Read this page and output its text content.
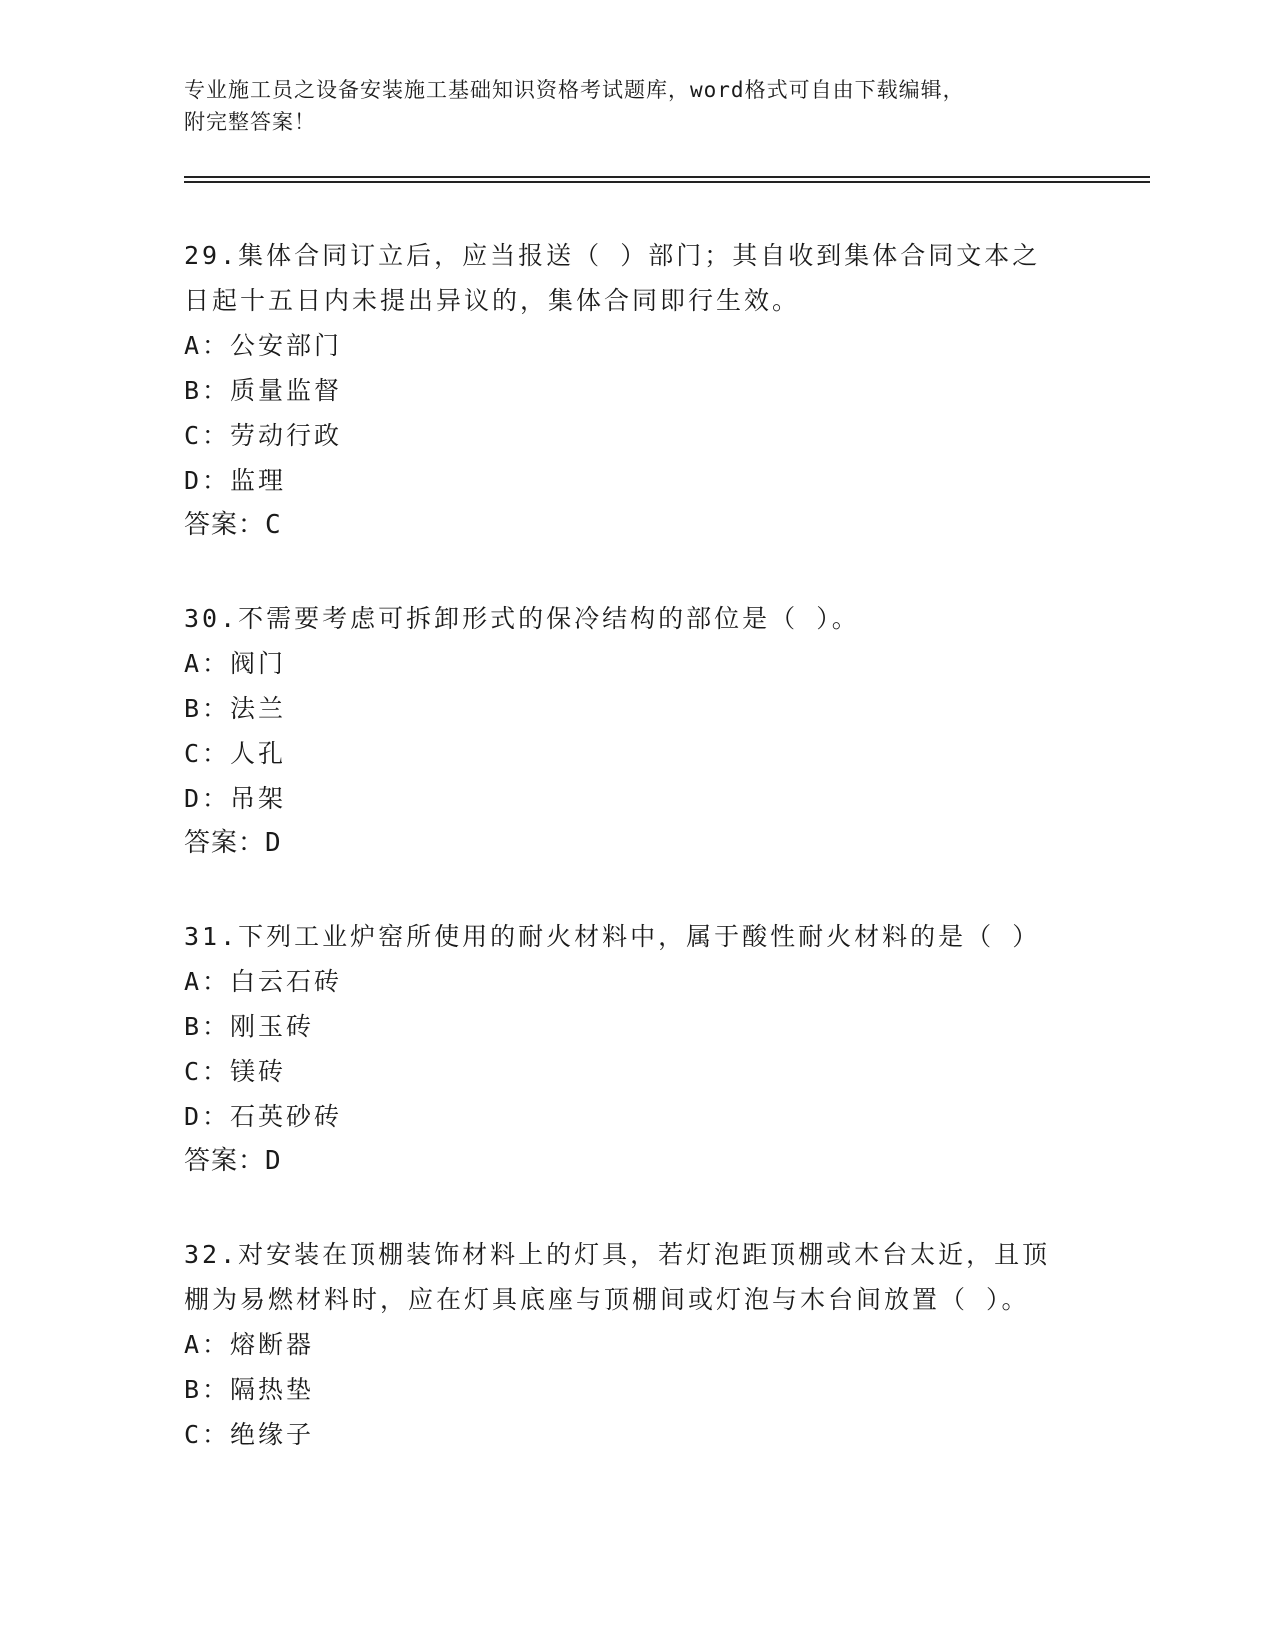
专业施工员之设备安装施工基础知识资格考试题库，word格式可自由下载编辑，
附完整答案！

29.集体合同订立后，应当报送（ ）部门；其自收到集体合同文本之

日起十五日内未提出异议的，集体合同即行生效。

A：公安部门

B：质量监督

C：劳动行政

D：监理

答案：C

30.不需要考虑可拆卸形式的保冷结构的部位是（ ）。

A：阀门

B：法兰

C：人孔

D：吊架

答案：D

31.下列工业炉窑所使用的耐火材料中，属于酸性耐火材料的是（ ）

A：白云石砖

B：刚玉砖

C：镁砖

D：石英砂砖

答案：D

32.对安装在顶棚装饰材料上的灯具，若灯泡距顶棚或木台太近，且顶

棚为易燃材料时，应在灯具底座与顶棚间或灯泡与木台间放置（ ）。

A：熔断器

B：隔热垫

C：绝缘子
